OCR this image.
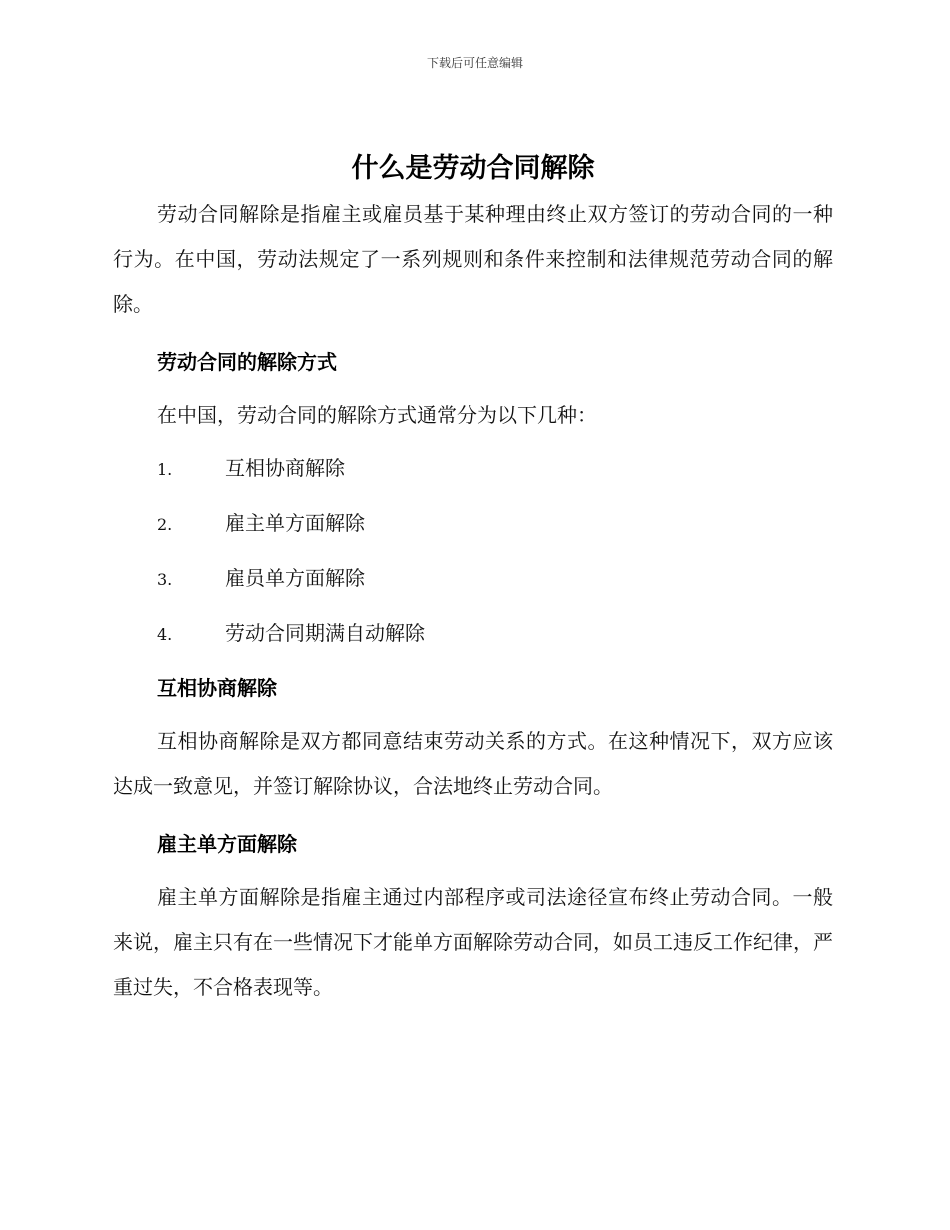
下载后可任意编辑
什么是劳动合同解除

劳动合同解除是指雇主或雇员基于某种理由终止双方签订的劳动合同的一种行为。在中国，劳动法规定了一系列规则和条件来控制和法律规范劳动合同的解除。

劳动合同的解除方式

在中国，劳动合同的解除方式通常分为以下几种：

1.	互相协商解除
2.	雇主单方面解除
3.	雇员单方面解除
4.	劳动合同期满自动解除
互相协商解除

互相协商解除是双方都同意结束劳动关系的方式。在这种情况下，双方应该达成一致意见，并签订解除协议，合法地终止劳动合同。

雇主单方面解除

雇主单方面解除是指雇主通过内部程序或司法途径宣布终止劳动合同。一般来说，雇主只有在一些情况下才能单方面解除劳动合同，如员工违反工作纪律，严重过失，不合格表现等。
